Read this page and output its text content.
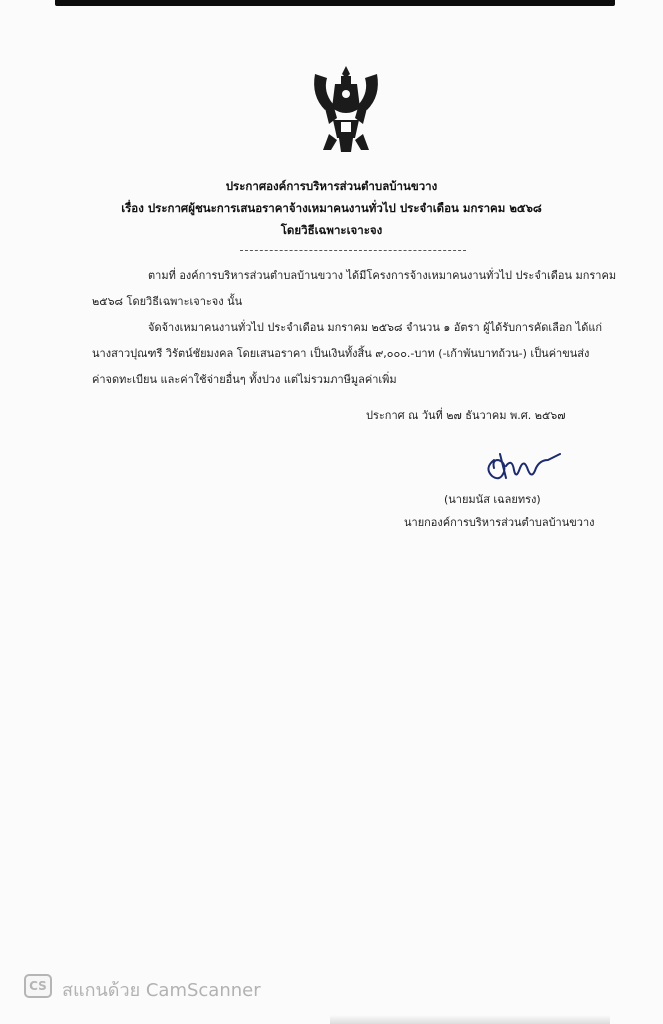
ประกาศองค์การบริหารส่วนตำบลบ้านขวาง
เรื่อง ประกาศผู้ชนะการเสนอราคาจ้างเหมาคนงานทั่วไป ประจำเดือน มกราคม ๒๕๖๘
โดยวิธีเฉพาะเจาะจง
ตามที่ องค์การบริหารส่วนตำบลบ้านขวาง ได้มีโครงการจ้างเหมาคนงานทั่วไป ประจำเดือน มกราคม
๒๕๖๘ โดยวิธีเฉพาะเจาะจง นั้น
จัดจ้างเหมาคนงานทั่วไป ประจำเดือน มกราคม ๒๕๖๘ จำนวน ๑ อัตรา ผู้ได้รับการคัดเลือก ได้แก่
นางสาวปุณฑรี วิรัตน์ชัยมงคล โดยเสนอราคา เป็นเงินทั้งสิ้น ๙,๐๐๐.-บาท (-เก้าพันบาทถ้วน-) เป็นค่าขนส่ง
ค่าจดทะเบียน และค่าใช้จ่ายอื่นๆ ทั้งปวง แต่ไม่รวมภาษีมูลค่าเพิ่ม
ประกาศ ณ วันที่ ๒๗ ธันวาคม พ.ศ. ๒๕๖๗
(นายมนัส เฉลยทรง)
นายกองค์การบริหารส่วนตำบลบ้านขวาง
CS สแกนด้วย CamScanner
